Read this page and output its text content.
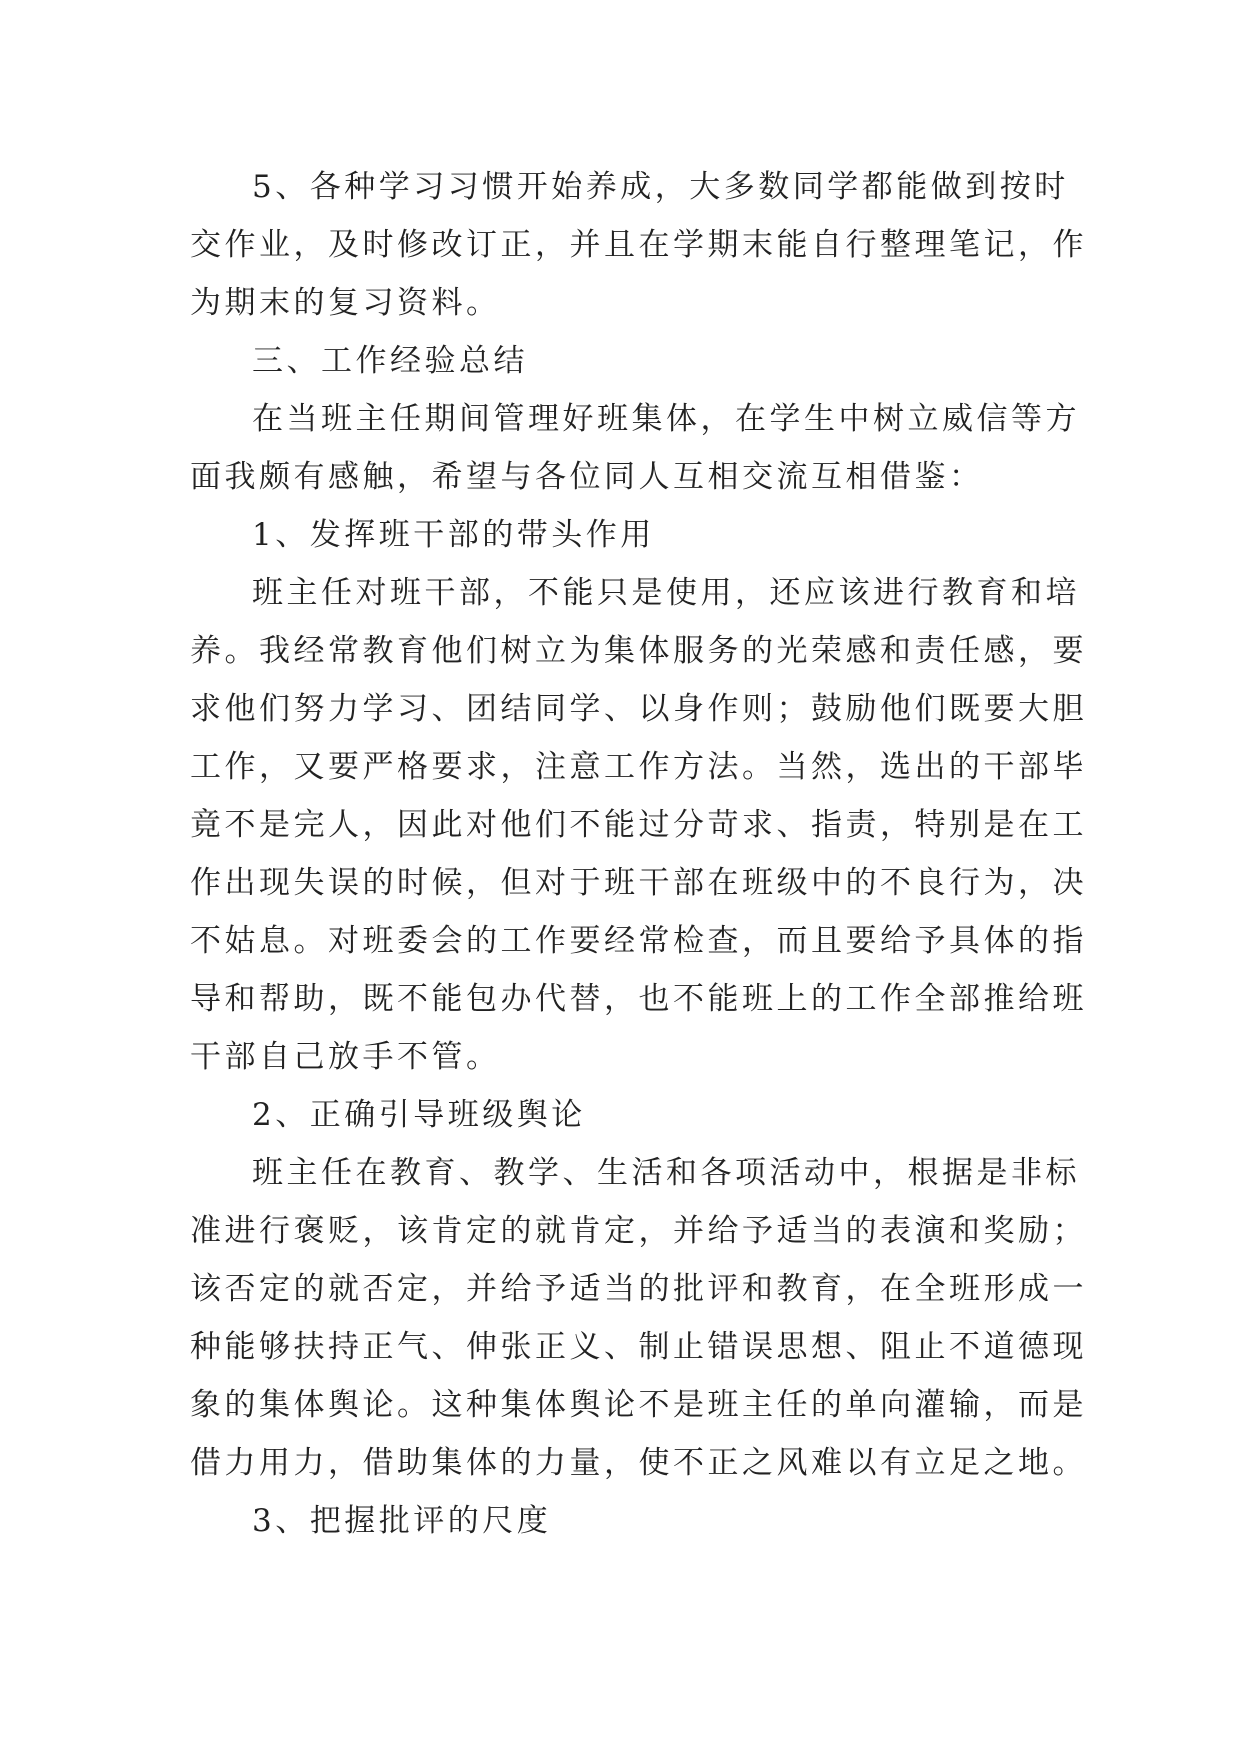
5、各种学习习惯开始养成，大多数同学都能做到按时
交作业，及时修改订正，并且在学期末能自行整理笔记，作
为期末的复习资料。
三、工作经验总结
在当班主任期间管理好班集体，在学生中树立威信等方
面我颇有感触，希望与各位同人互相交流互相借鉴：
1、发挥班干部的带头作用
班主任对班干部，不能只是使用，还应该进行教育和培
养。我经常教育他们树立为集体服务的光荣感和责任感，要
求他们努力学习、团结同学、以身作则；鼓励他们既要大胆
工作，又要严格要求，注意工作方法。当然，选出的干部毕
竟不是完人，因此对他们不能过分苛求、指责，特别是在工
作出现失误的时候，但对于班干部在班级中的不良行为，决
不姑息。对班委会的工作要经常检查，而且要给予具体的指
导和帮助，既不能包办代替，也不能班上的工作全部推给班
干部自己放手不管。
2、正确引导班级舆论
班主任在教育、教学、生活和各项活动中，根据是非标
准进行褒贬，该肯定的就肯定，并给予适当的表演和奖励；
该否定的就否定，并给予适当的批评和教育，在全班形成一
种能够扶持正气、伸张正义、制止错误思想、阻止不道德现
象的集体舆论。这种集体舆论不是班主任的单向灌输，而是
借力用力，借助集体的力量，使不正之风难以有立足之地。
3、把握批评的尺度
